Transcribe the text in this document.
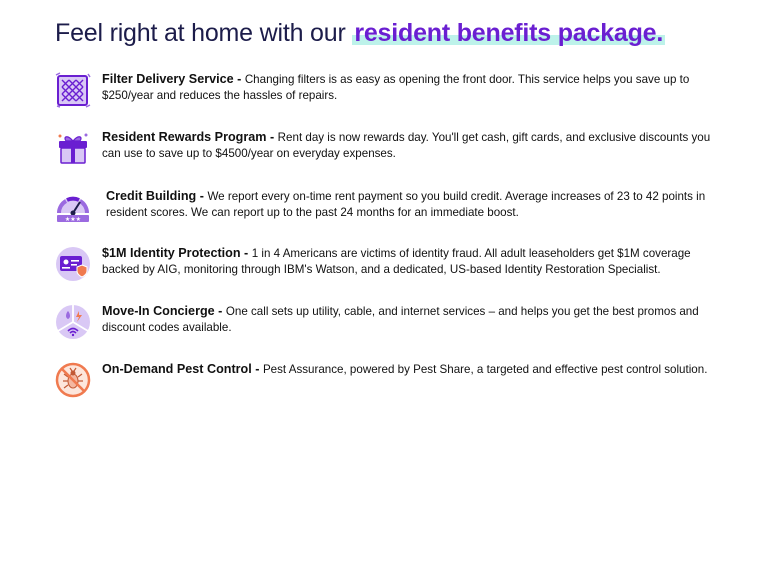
Feel right at home with our resident benefits package.
Filter Delivery Service - Changing filters is as easy as opening the front door. This service helps you save up to $250/year and reduces the hassles of repairs.
Resident Rewards Program - Rent day is now rewards day. You'll get cash, gift cards, and exclusive discounts you can use to save up to $4500/year on everyday expenses.
★★★
Credit Building - We report every on-time rent payment so you build credit. Average increases of 23 to 42 points in resident scores. We can report up to the past 24 months for an immediate boost.
$1M Identity Protection - 1 in 4 Americans are victims of identity fraud. All adult leaseholders get $1M coverage backed by AIG, monitoring through IBM's Watson, and a dedicated, US-based Identity Restoration Specialist.
Move-In Concierge - One call sets up utility, cable, and internet services – and helps you get the best promos and discount codes available.
On-Demand Pest Control - Pest Assurance, powered by Pest Share, a targeted and effective pest control solution.
